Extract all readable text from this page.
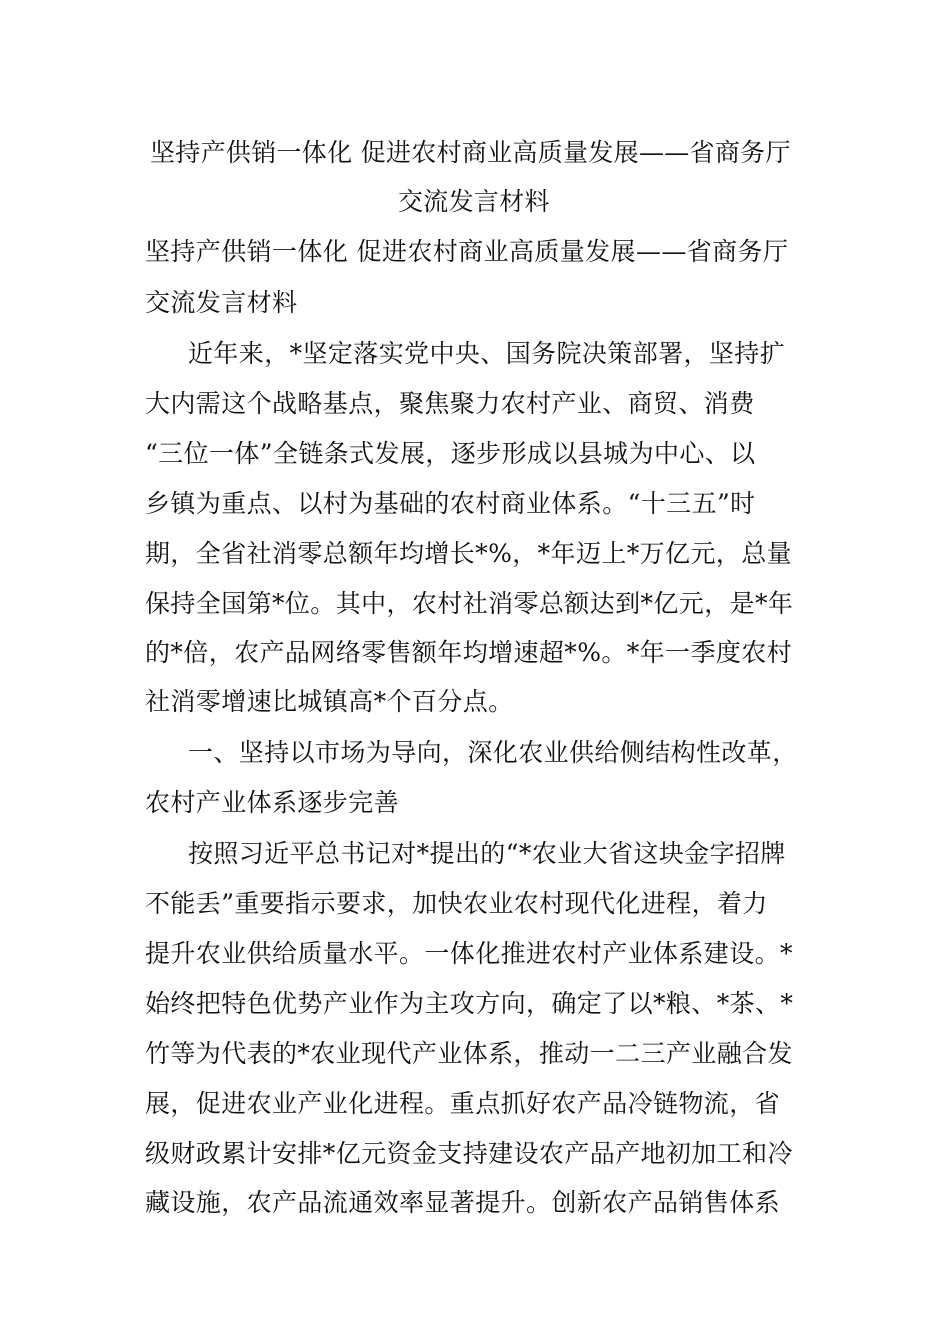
坚持产供销一体化 促进农村商业高质量发展——省商务厅
交流发言材料
坚持产供销一体化 促进农村商业高质量发展——省商务厅
交流发言材料
近年来，*坚定落实党中央、国务院决策部署，坚持扩
大内需这个战略基点，聚焦聚力农村产业、商贸、消费
“三位一体”全链条式发展，逐步形成以县城为中心、以
乡镇为重点、以村为基础的农村商业体系。“十三五”时
期，全省社消零总额年均增长*%，*年迈上*万亿元，总量
保持全国第*位。其中，农村社消零总额达到*亿元，是*年
的*倍，农产品网络零售额年均增速超*%。*年一季度农村
社消零增速比城镇高*个百分点。
一、坚持以市场为导向，深化农业供给侧结构性改革，
农村产业体系逐步完善
按照习近平总书记对*提出的“*农业大省这块金字招牌
不能丢”重要指示要求，加快农业农村现代化进程，着力
提升农业供给质量水平。一体化推进农村产业体系建设。*
始终把特色优势产业作为主攻方向，确定了以*粮、*茶、*
竹等为代表的*农业现代产业体系，推动一二三产业融合发
展，促进农业产业化进程。重点抓好农产品冷链物流，省
级财政累计安排*亿元资金支持建设农产品产地初加工和冷
藏设施，农产品流通效率显著提升。创新农产品销售体系
